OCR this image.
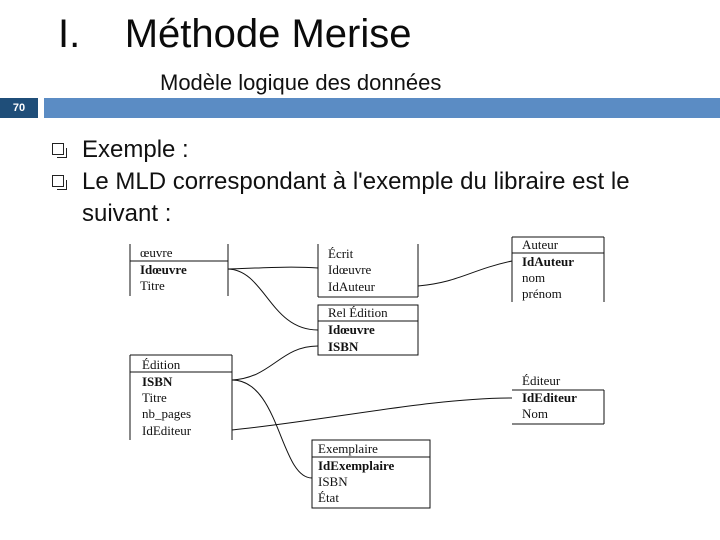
I. Méthode Merise
Modèle logique des données
70
Exemple :
Le MLD correspondant à l'exemple du libraire est le suivant :
œuvre
Idœuvre
Titre
Écrit
Idœuvre
IdAuteur
Auteur
IdAuteur
nom
prénom
Rel Édition
Idœuvre
ISBN
Édition
ISBN
Titre
nb_pages
IdEditeur
Éditeur
IdEditeur
Nom
Exemplaire
IdExemplaire
ISBN
État
